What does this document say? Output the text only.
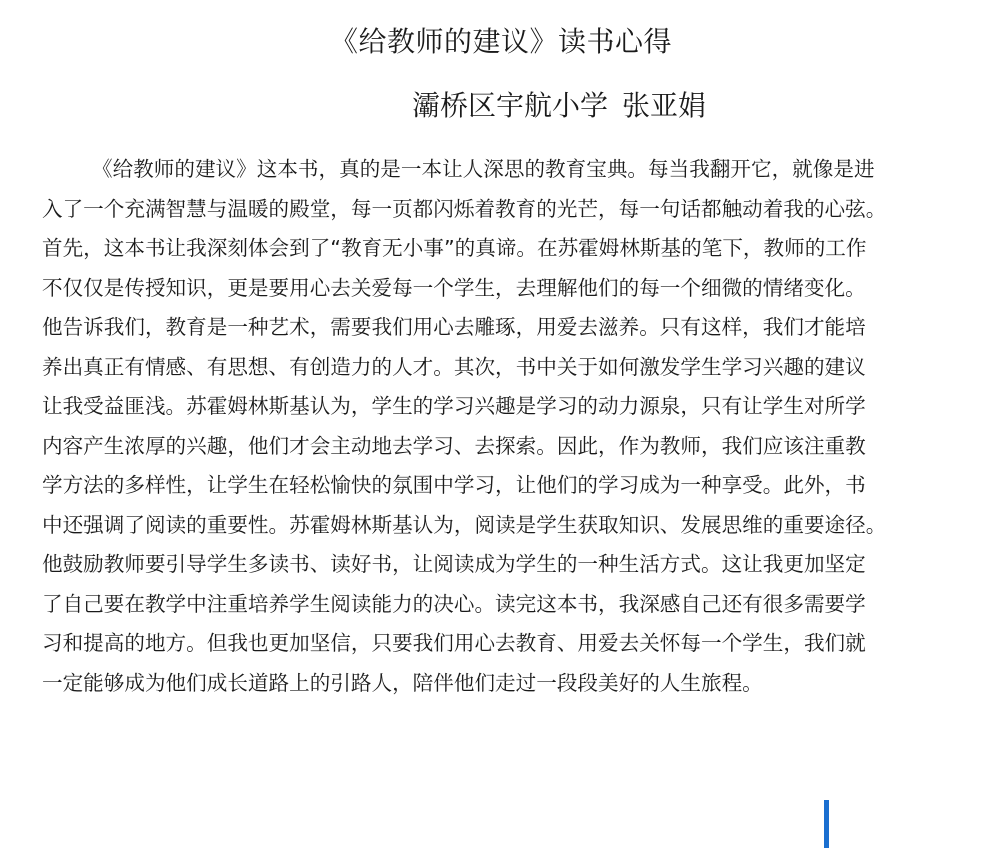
《给教师的建议》读书心得
灞桥区宇航小学 张亚娟

《给教师的建议》这本书，真的是一本让人深思的教育宝典。每当我翻开它，就像是进

入了一个充满智慧与温暖的殿堂，每一页都闪烁着教育的光芒，每一句话都触动着我的心弦。

首先，这本书让我深刻体会到了“教育无小事”的真谛。在苏霍姆林斯基的笔下，教师的工作

不仅仅是传授知识，更是要用心去关爱每一个学生，去理解他们的每一个细微的情绪变化。

他告诉我们，教育是一种艺术，需要我们用心去雕琢，用爱去滋养。只有这样，我们才能培

养出真正有情感、有思想、有创造力的人才。其次，书中关于如何激发学生学习兴趣的建议

让我受益匪浅。苏霍姆林斯基认为，学生的学习兴趣是学习的动力源泉，只有让学生对所学

内容产生浓厚的兴趣，他们才会主动地去学习、去探索。因此，作为教师，我们应该注重教

学方法的多样性，让学生在轻松愉快的氛围中学习，让他们的学习成为一种享受。此外，书

中还强调了阅读的重要性。苏霍姆林斯基认为，阅读是学生获取知识、发展思维的重要途径。

他鼓励教师要引导学生多读书、读好书，让阅读成为学生的一种生活方式。这让我更加坚定

了自己要在教学中注重培养学生阅读能力的决心。读完这本书，我深感自己还有很多需要学

习和提高的地方。但我也更加坚信，只要我们用心去教育、用爱去关怀每一个学生，我们就

一定能够成为他们成长道路上的引路人，陪伴他们走过一段段美好的人生旅程。
